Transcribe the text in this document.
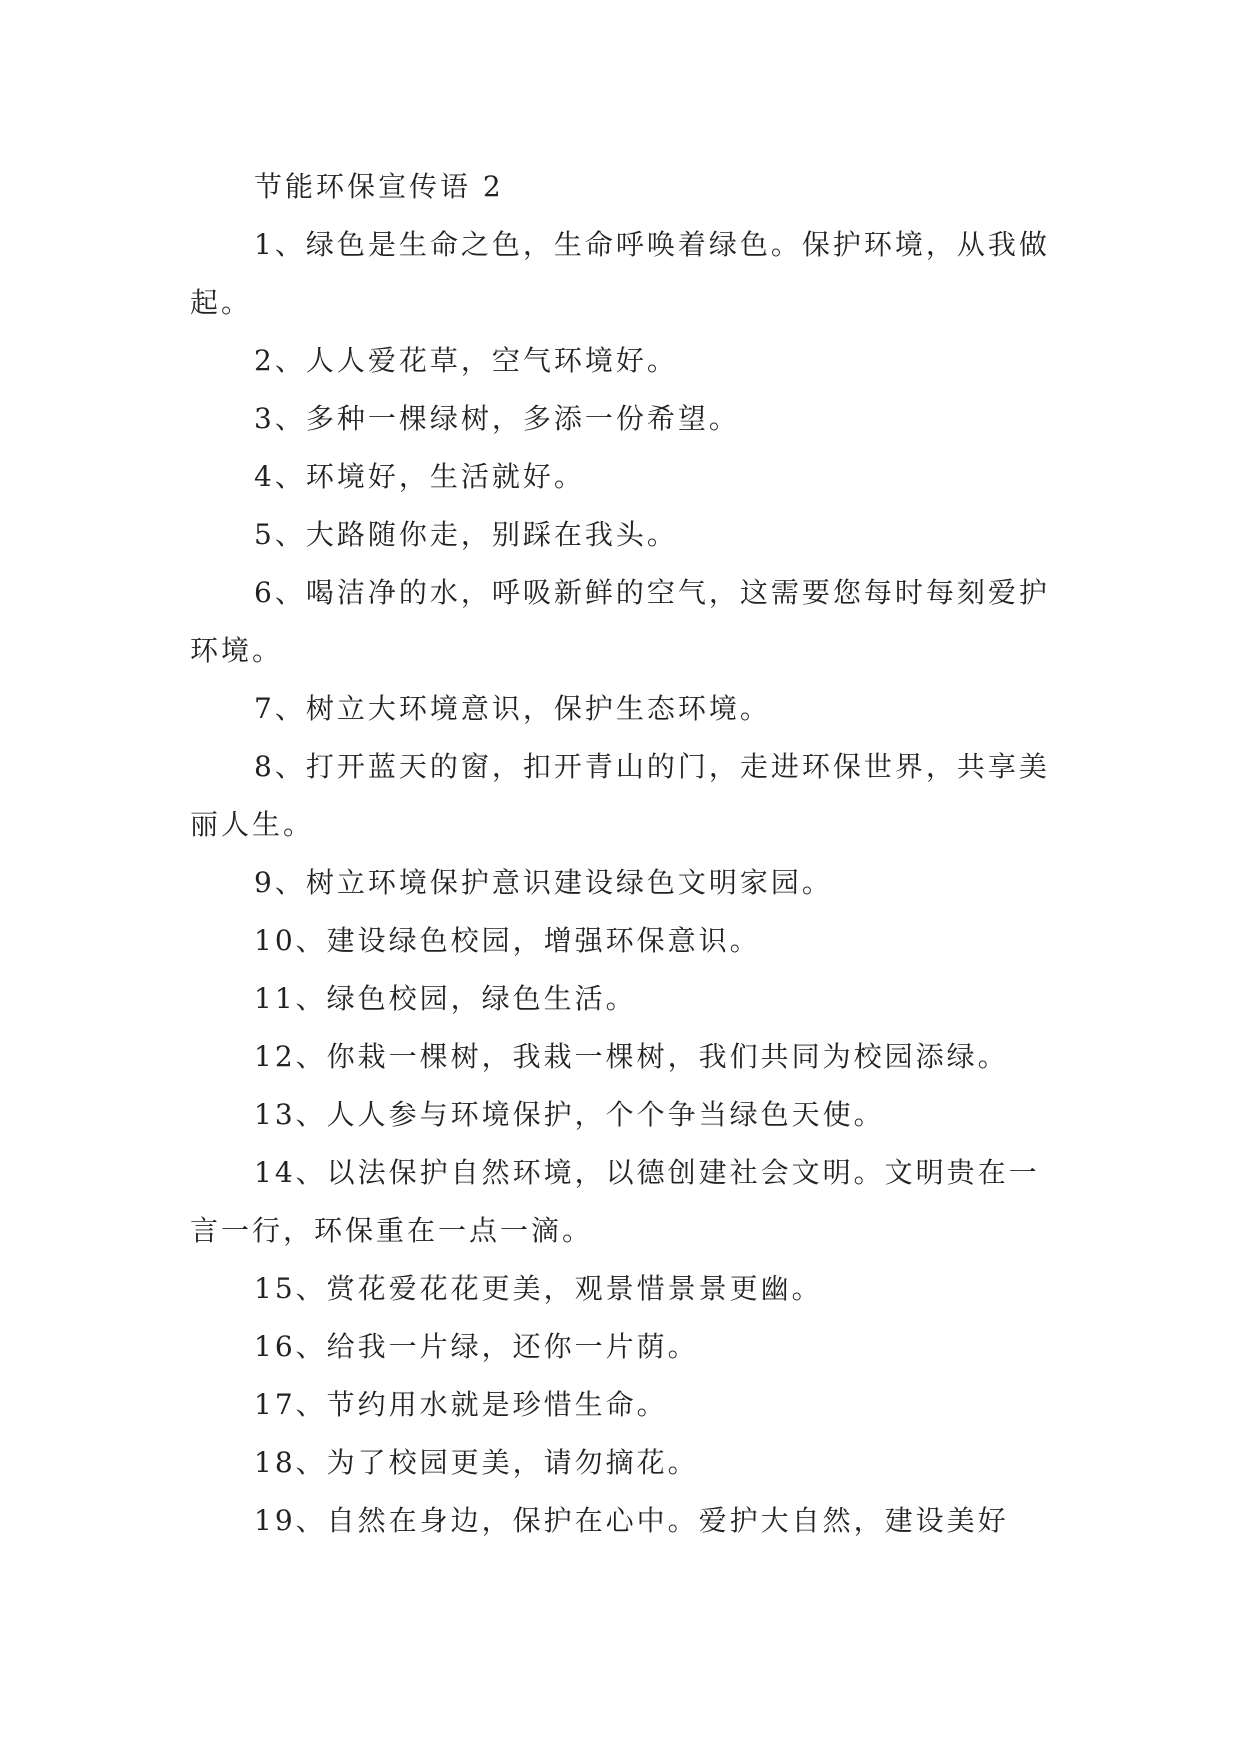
节能环保宣传语 2

1、绿色是生命之色，生命呼唤着绿色。保护环境，从我做起。

2、人人爱花草，空气环境好。

3、多种一棵绿树，多添一份希望。

4、环境好，生活就好。

5、大路随你走，别踩在我头。

6、喝洁净的水，呼吸新鲜的空气，这需要您每时每刻爱护环境。

7、树立大环境意识，保护生态环境。

8、打开蓝天的窗，扣开青山的门，走进环保世界，共享美丽人生。

9、树立环境保护意识建设绿色文明家园。

10、建设绿色校园，增强环保意识。

11、绿色校园，绿色生活。

12、你栽一棵树，我栽一棵树，我们共同为校园添绿。

13、人人参与环境保护，个个争当绿色天使。

14、以法保护自然环境，以德创建社会文明。文明贵在一言一行，环保重在一点一滴。

15、赏花爱花花更美，观景惜景景更幽。

16、给我一片绿，还你一片荫。

17、节约用水就是珍惜生命。

18、为了校园更美，请勿摘花。

19、自然在身边，保护在心中。爱护大自然，建设美好
